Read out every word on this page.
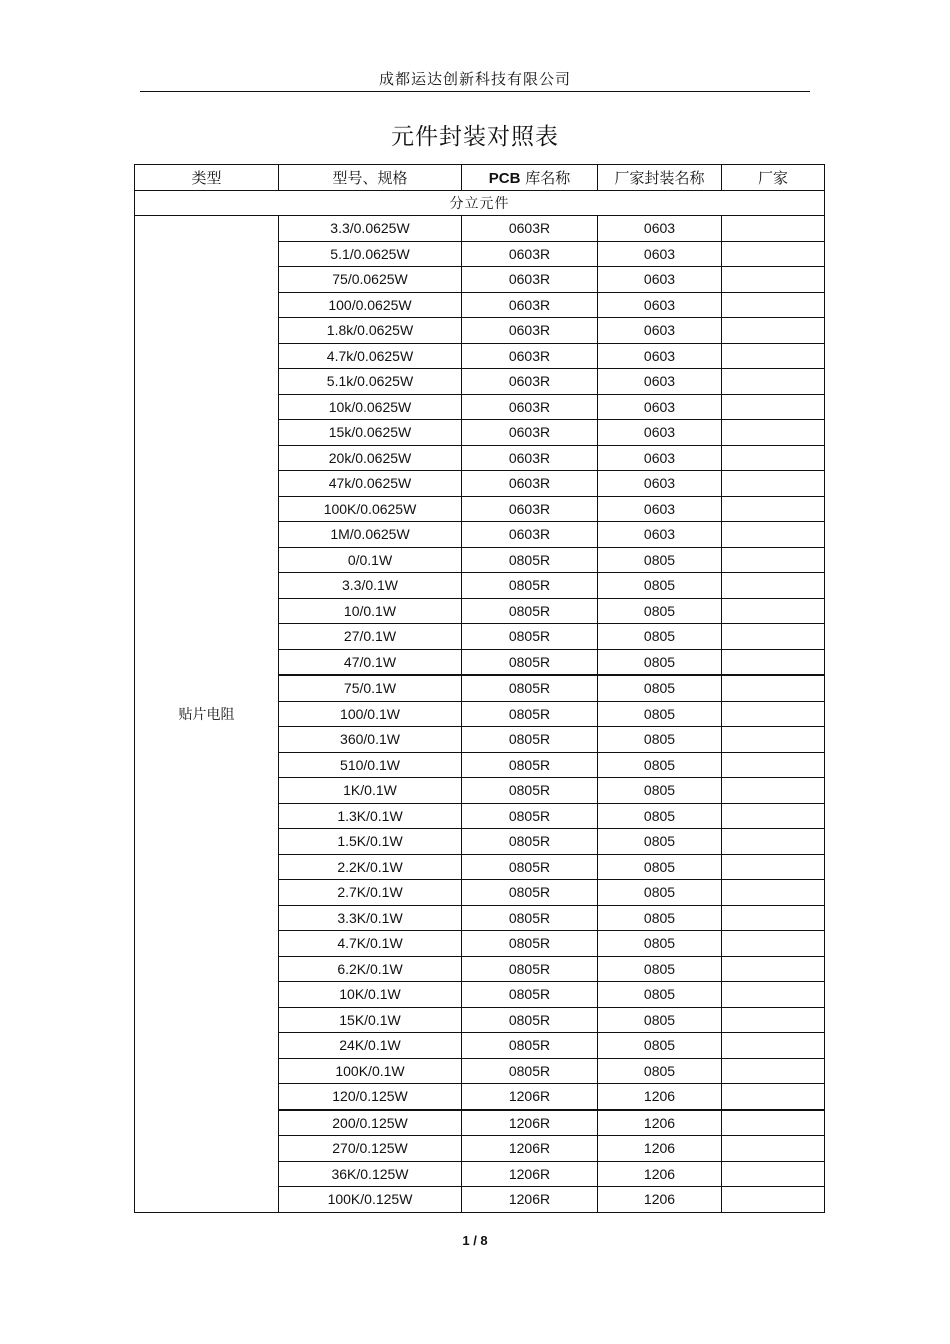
成都运达创新科技有限公司
元件封装对照表
类型	型号、规格	PCB 库名称	厂家封装名称	厂家
分立元件				
贴片电阻	3.3/0.0625W	0603R	0603	
	5.1/0.0625W	0603R	0603	
	75/0.0625W	0603R	0603	
	100/0.0625W	0603R	0603	
	1.8k/0.0625W	0603R	0603	
	4.7k/0.0625W	0603R	0603	
	5.1k/0.0625W	0603R	0603	
	10k/0.0625W	0603R	0603	
	15k/0.0625W	0603R	0603	
	20k/0.0625W	0603R	0603	
	47k/0.0625W	0603R	0603	
	100K/0.0625W	0603R	0603	
	1M/0.0625W	0603R	0603	
	0/0.1W	0805R	0805	
	3.3/0.1W	0805R	0805	
	10/0.1W	0805R	0805	
	27/0.1W	0805R	0805	
	47/0.1W	0805R	0805	
	75/0.1W	0805R	0805	
	100/0.1W	0805R	0805	
	360/0.1W	0805R	0805	
	510/0.1W	0805R	0805	
	1K/0.1W	0805R	0805	
	1.3K/0.1W	0805R	0805	
	1.5K/0.1W	0805R	0805	
	2.2K/0.1W	0805R	0805	
	2.7K/0.1W	0805R	0805	
	3.3K/0.1W	0805R	0805	
	4.7K/0.1W	0805R	0805	
	6.2K/0.1W	0805R	0805	
	10K/0.1W	0805R	0805	
	15K/0.1W	0805R	0805	
	24K/0.1W	0805R	0805	
	100K/0.1W	0805R	0805	
	120/0.125W	1206R	1206	
	200/0.125W	1206R	1206	
	270/0.125W	1206R	1206	
	36K/0.125W	1206R	1206	
	100K/0.125W	1206R	1206	
1 / 8
